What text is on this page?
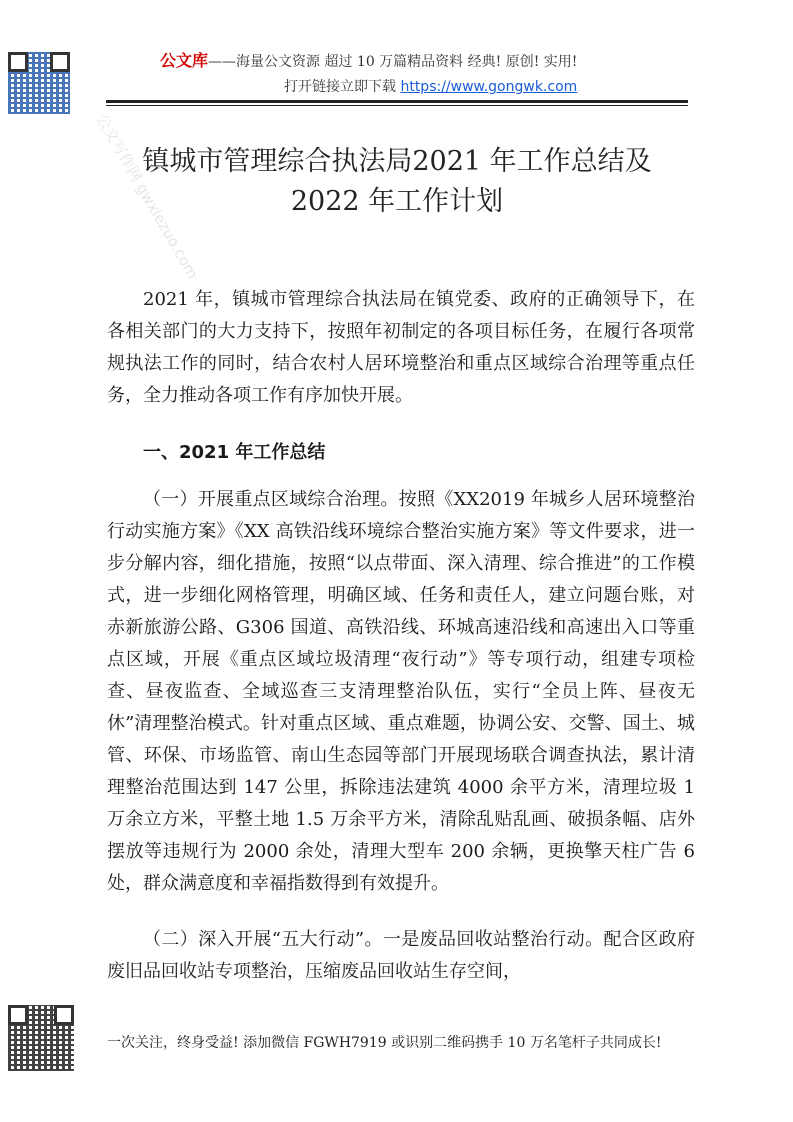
公文库——海量公文资源 超过 10 万篇精品资料 经典! 原创! 实用!
打开链接立即下载 https://www.gongwk.com
公文写作网 gwxiezuo.com
镇城市管理综合执法局2021 年工作总结及
2022 年工作计划

2021 年，镇城市管理综合执法局在镇党委、政府的正确领导下，在各相关部门的大力支持下，按照年初制定的各项目标任务，在履行各项常规执法工作的同时，结合农村人居环境整治和重点区域综合治理等重点任务，全力推动各项工作有序加快开展。

一、2021 年工作总结

（一）开展重点区域综合治理。按照《XX2019 年城乡人居环境整治行动实施方案》《XX 高铁沿线环境综合整治实施方案》等文件要求，进一步分解内容，细化措施，按照“以点带面、深入清理、综合推进”的工作模式，进一步细化网格管理，明确区域、任务和责任人，建立问题台账，对赤新旅游公路、G306 国道、高铁沿线、环城高速沿线和高速出入口等重点区域，开展《重点区域垃圾清理“夜行动”》等专项行动，组建专项检查、昼夜监查、全域巡查三支清理整治队伍，实行“全员上阵、昼夜无休”清理整治模式。针对重点区域、重点难题，协调公安、交警、国土、城管、环保、市场监管、南山生态园等部门开展现场联合调查执法，累计清理整治范围达到 147 公里，拆除违法建筑 4000 余平方米，清理垃圾 1 万余立方米，平整土地 1.5 万余平方米，清除乱贴乱画、破损条幅、店外摆放等违规行为 2000 余处，清理大型车 200 余辆，更换擎天柱广告 6 处，群众满意度和幸福指数得到有效提升。

（二）深入开展“五大行动”。一是废品回收站整治行动。配合区政府废旧品回收站专项整治，压缩废品回收站生存空间，

一次关注，终身受益! 添加微信 FGWH7919 或识别二维码携手 10 万名笔杆子共同成长!
